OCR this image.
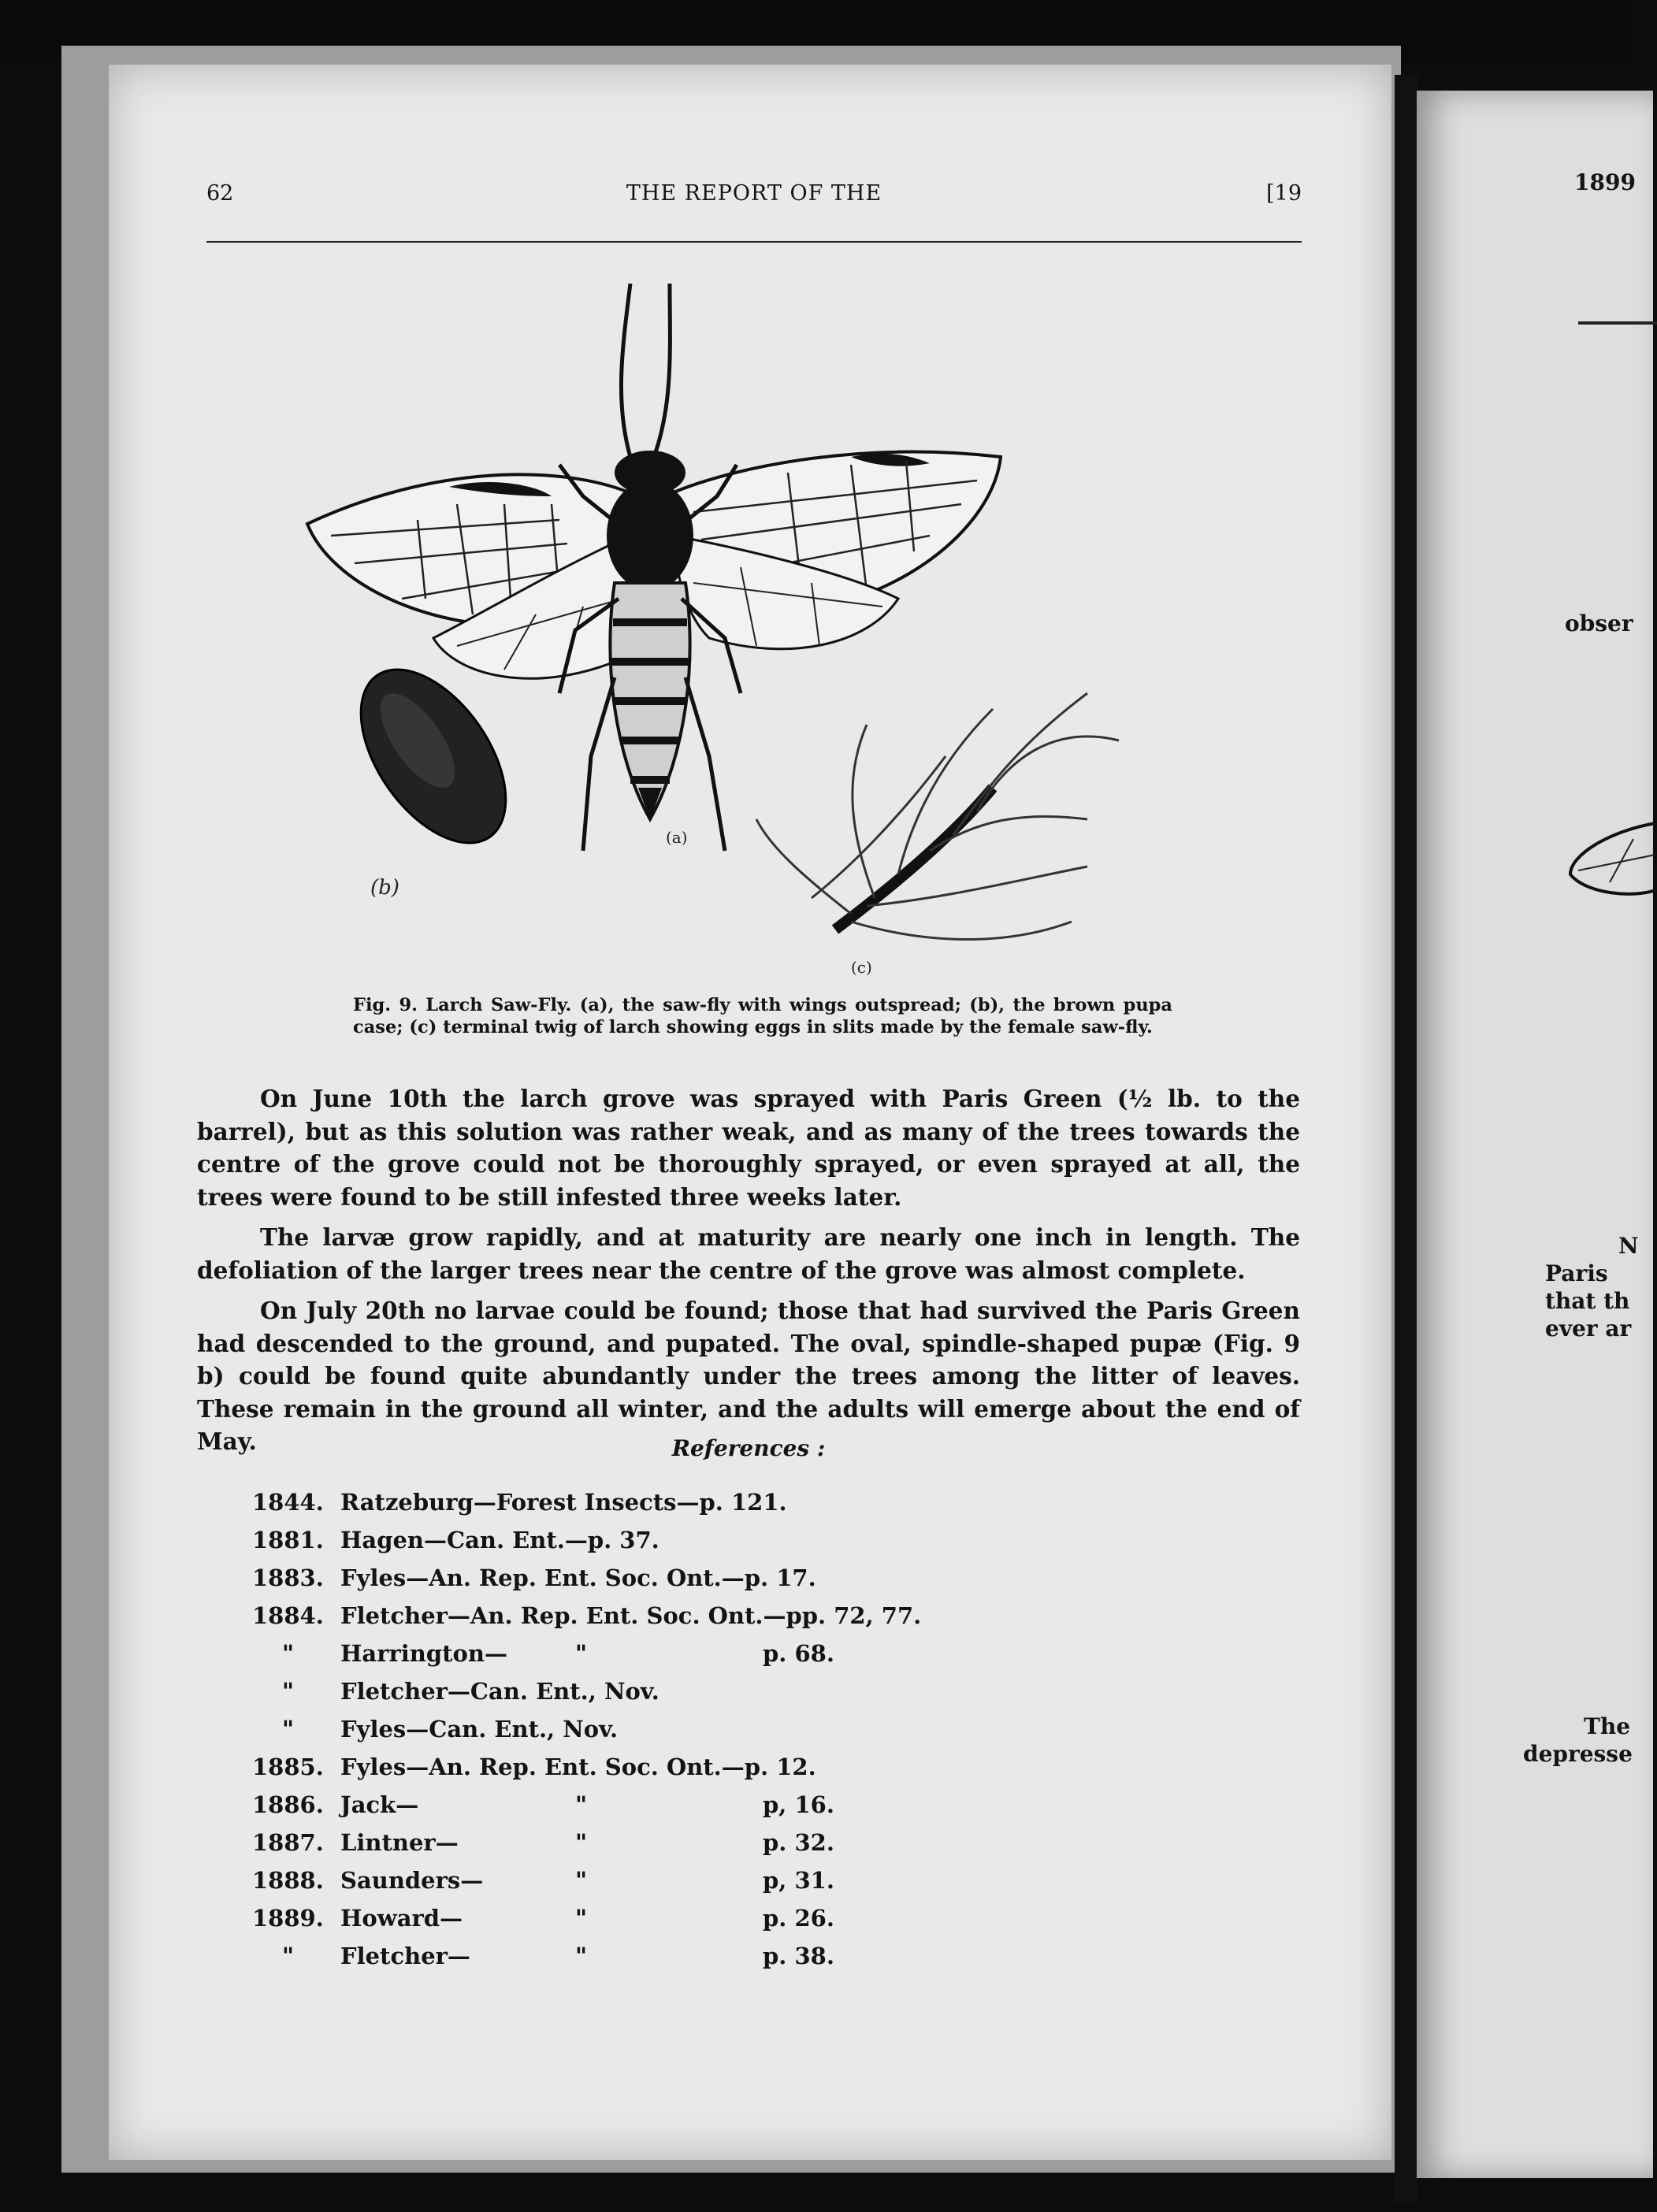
62	THE REPORT OF THE	[19
(a)
(b)
(c)
Fig. 9. Larch Saw-Fly. (a), the saw-fly with wings outspread; (b), the brown pupa case; (c) terminal twig of larch showing eggs in slits made by the female saw-fly.

On June 10th the larch grove was sprayed with Paris Green (½ lb. to the barrel), but as this solution was rather weak, and as many of the trees towards the centre of the grove could not be thoroughly sprayed, or even sprayed at all, the trees were found to be still infested three weeks later.

The larvæ grow rapidly, and at maturity are nearly one inch in length. The defoliation of the larger trees near the centre of the grove was almost complete.

On July 20th no larvae could be found; those that had survived the Paris Green had descended to the ground, and pupated. The oval, spindle-shaped pupæ (Fig. 9 b) could be found quite abundantly under the trees among the litter of leaves. These remain in the ground all winter, and the adults will emerge about the end of May.	References :
1844. Ratzeburg—Forest Insects—p. 121.
1881. Hagen—Can. Ent.—p. 37.
1883. Fyles—An. Rep. Ent. Soc. Ont.—p. 17.
1884. Fletcher—An. Rep. Ent. Soc. Ont.—pp. 72, 77.
"	Harrington—	"	p. 68.
"	Fletcher—Can. Ent., Nov.
"	Fyles—Can. Ent., Nov.
1885. Fyles—An. Rep. Ent. Soc. Ont.—p. 12.
1886. Jack—	"	p, 16.
1887. Lintner—	"	p. 32.
1888. Saunders—	"	p, 31.
1889. Howard—	"	p. 26.
"	Fletcher—	"	p. 38.
1899
obser
N
Paris
that th
ever ar
The
depresse
